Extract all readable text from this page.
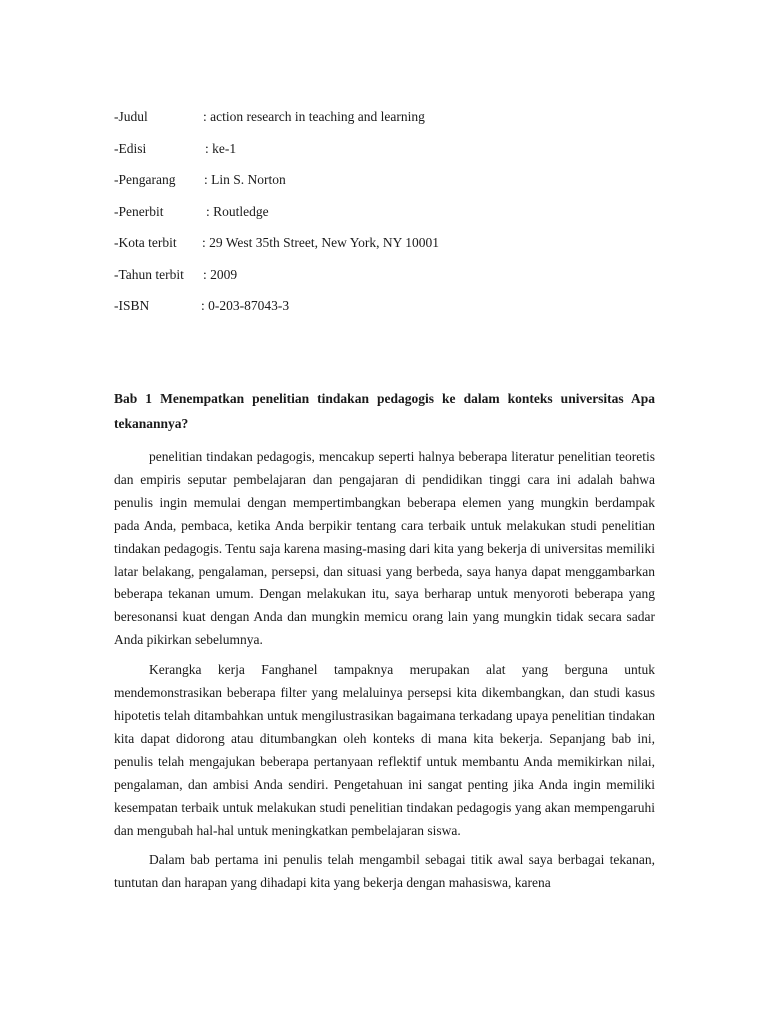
-Judul	: action research in teaching and learning
-Edisi	: ke-1
-Pengarang : Lin S. Norton
-Penerbit	: Routledge
-Kota terbit : 29 West 35th Street, New York, NY 10001
-Tahun terbit : 2009
-ISBN	: 0-203-87043-3
Bab 1 Menempatkan penelitian tindakan pedagogis ke dalam konteks universitas Apa tekanannya?

penelitian tindakan pedagogis, mencakup seperti halnya beberapa literatur penelitian teoretis dan empiris seputar pembelajaran dan pengajaran di pendidikan tinggi cara ini adalah bahwa penulis ingin memulai dengan mempertimbangkan beberapa elemen yang mungkin berdampak pada Anda, pembaca, ketika Anda berpikir tentang cara terbaik untuk melakukan studi penelitian tindakan pedagogis. Tentu saja karena masing-masing dari kita yang bekerja di universitas memiliki latar belakang, pengalaman, persepsi, dan situasi yang berbeda, saya hanya dapat menggambarkan beberapa tekanan umum. Dengan melakukan itu, saya berharap untuk menyoroti beberapa yang beresonansi kuat dengan Anda dan mungkin memicu orang lain yang mungkin tidak secara sadar Anda pikirkan sebelumnya.

Kerangka kerja Fanghanel tampaknya merupakan alat yang berguna untuk mendemonstrasikan beberapa filter yang melaluinya persepsi kita dikembangkan, dan studi kasus hipotetis telah ditambahkan untuk mengilustrasikan bagaimana terkadang upaya penelitian tindakan kita dapat didorong atau ditumbangkan oleh konteks di mana kita bekerja. Sepanjang bab ini, penulis telah mengajukan beberapa pertanyaan reflektif untuk membantu Anda memikirkan nilai, pengalaman, dan ambisi Anda sendiri. Pengetahuan ini sangat penting jika Anda ingin memiliki kesempatan terbaik untuk melakukan studi penelitian tindakan pedagogis yang akan mempengaruhi dan mengubah hal-hal untuk meningkatkan pembelajaran siswa.

Dalam bab pertama ini penulis telah mengambil sebagai titik awal saya berbagai tekanan, tuntutan dan harapan yang dihadapi kita yang bekerja dengan mahasiswa, karena
